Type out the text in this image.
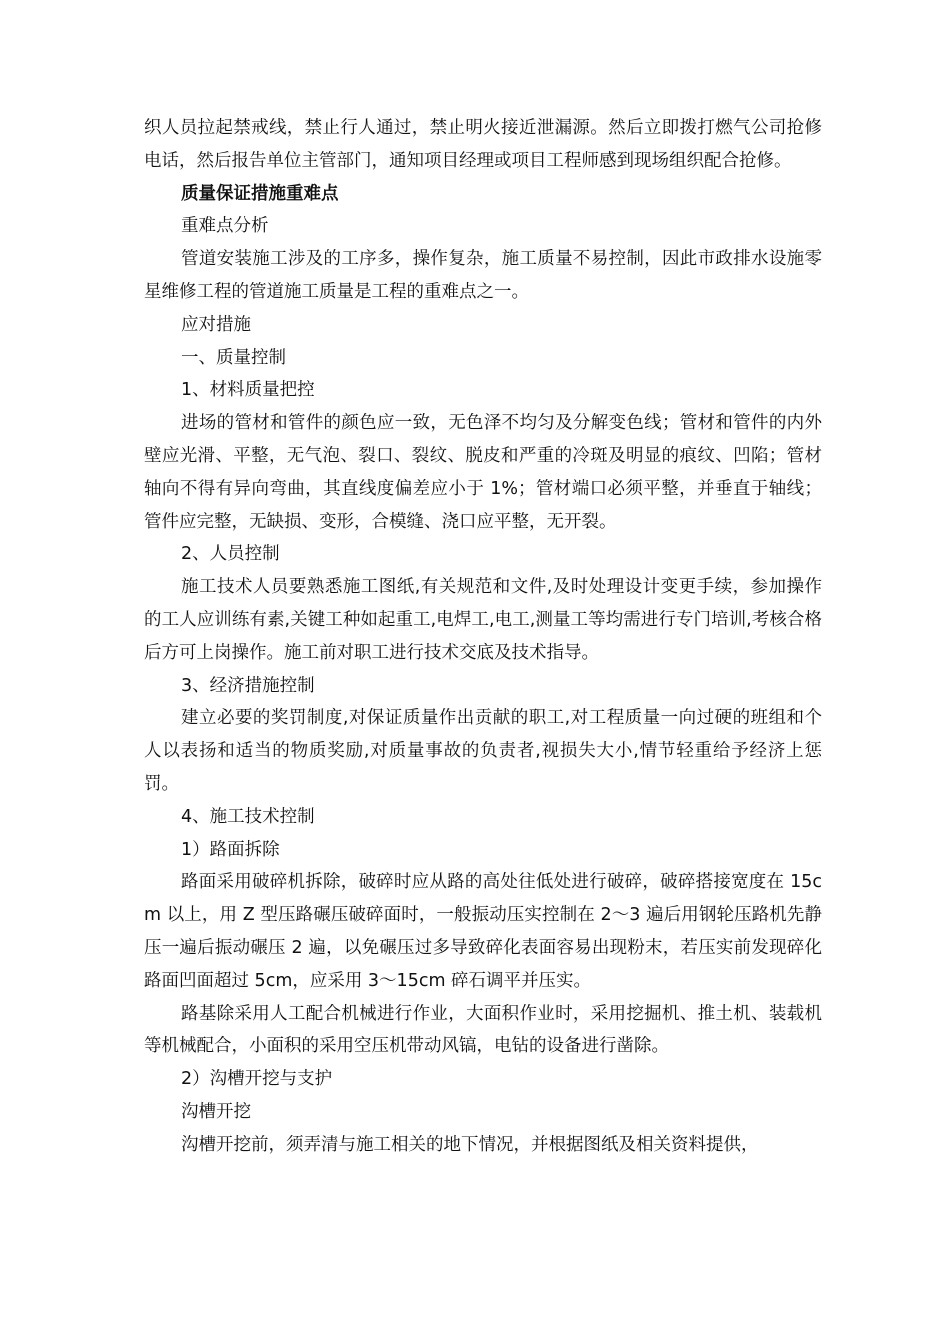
织人员拉起禁戒线，禁止行人通过，禁止明火接近泄漏源。然后立即拨打燃气公司抢修电话，然后报告单位主管部门，通知项目经理或项目工程师感到现场组织配合抢修。

质量保证措施重难点

重难点分析

管道安装施工涉及的工序多，操作复杂，施工质量不易控制，因此市政排水设施零星维修工程的管道施工质量是工程的重难点之一。

应对措施

一、质量控制

1、材料质量把控

进场的管材和管件的颜色应一致，无色泽不均匀及分解变色线；管材和管件的内外壁应光滑、平整，无气泡、裂口、裂纹、脱皮和严重的冷斑及明显的痕纹、凹陷；管材轴向不得有异向弯曲，其直线度偏差应小于 1%；管材端口必须平整，并垂直于轴线；管件应完整，无缺损、变形，合模缝、浇口应平整，无开裂。

2、人员控制

施工技术人员要熟悉施工图纸,有关规范和文件,及时处理设计变更手续，参加操作的工人应训练有素,关键工种如起重工,电焊工,电工,测量工等均需进行专门培训,考核合格后方可上岗操作。施工前对职工进行技术交底及技术指导。

3、经济措施控制

建立必要的奖罚制度,对保证质量作出贡献的职工,对工程质量一向过硬的班组和个人以表扬和适当的物质奖励,对质量事故的负责者,视损失大小,情节轻重给予经济上惩罚。

4、施工技术控制

1）路面拆除

路面采用破碎机拆除，破碎时应从路的高处往低处进行破碎，破碎搭接宽度在 15cm 以上，用 Z 型压路碾压破碎面时，一般振动压实控制在 2～3 遍后用钢轮压路机先静压一遍后振动碾压 2 遍，以免碾压过多导致碎化表面容易出现粉末，若压实前发现碎化路面凹面超过 5cm，应采用 3～15cm 碎石调平并压实。

路基除采用人工配合机械进行作业，大面积作业时，采用挖掘机、推土机、装载机等机械配合，小面积的采用空压机带动风镐，电钻的设备进行凿除。

2）沟槽开挖与支护

沟槽开挖

沟槽开挖前，须弄清与施工相关的地下情况，并根据图纸及相关资料提供，
